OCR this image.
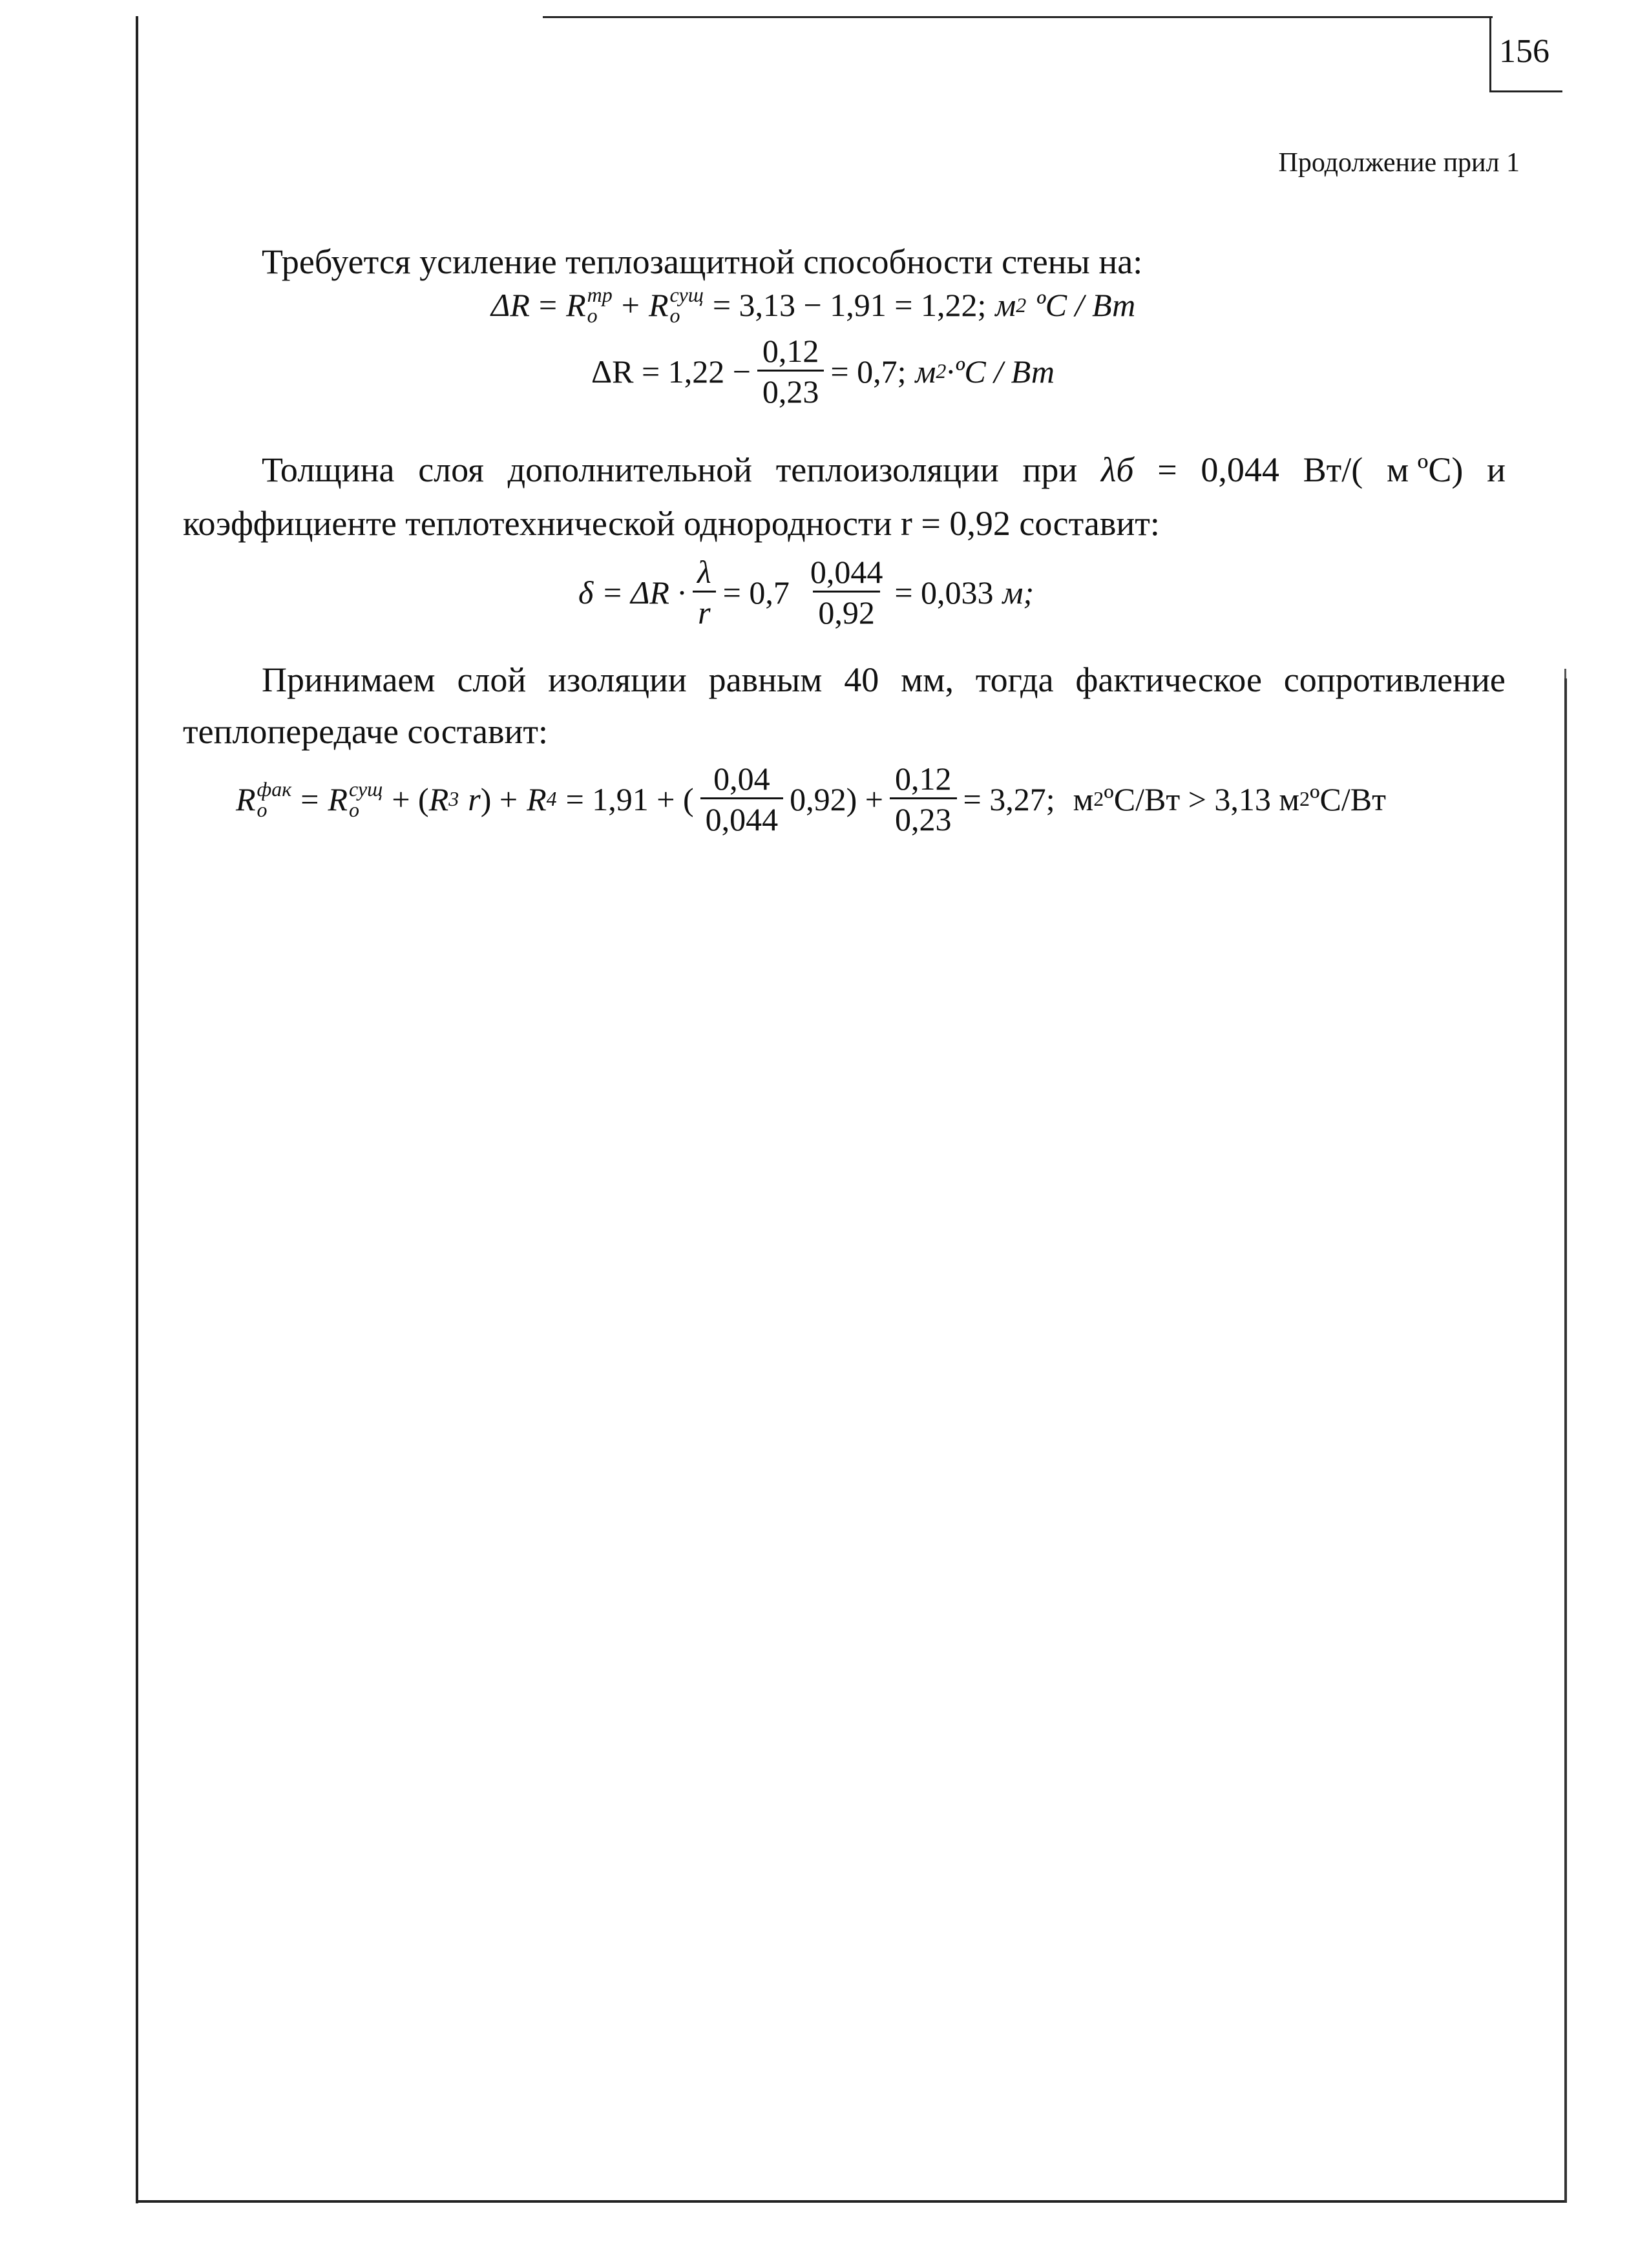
156
Продолжение прил 1
Требуется усиление теплозащитной способности стены на:
ΔR = R тр
o + R сущ
o	= 3,13 − 1,91 = 1,22; м 2 ºC / Вт
$\Delta R = 1,22 - \frac{0,12}{0,23} = 0,7$; м 2 ·ºC / Вт
Толщина слоя дополнительной теплоизоляции при λб = 0,044 Вт/( м ºС) и
коэффициенте теплотехнической однородности r = 0,92 составит:
$\delta = \Delta R \cdot \frac{\lambda}{r} = 0,7 \frac{0,044}{0,92} = 0,033$ м;
Принимаем слой изоляции равным 40 мм, тогда фактическое сопротивление
теплопередаче составит:
R фак
o	= R сущ
o	+ ( R 3 r ) + R 4 = 1,91 + ( $\frac{0,04}{0,044} 0,92) + \frac{0,12}{0,23} = 3,27$; м 2 ºC/Вт > 3,13 м 2 ºC/Вт
